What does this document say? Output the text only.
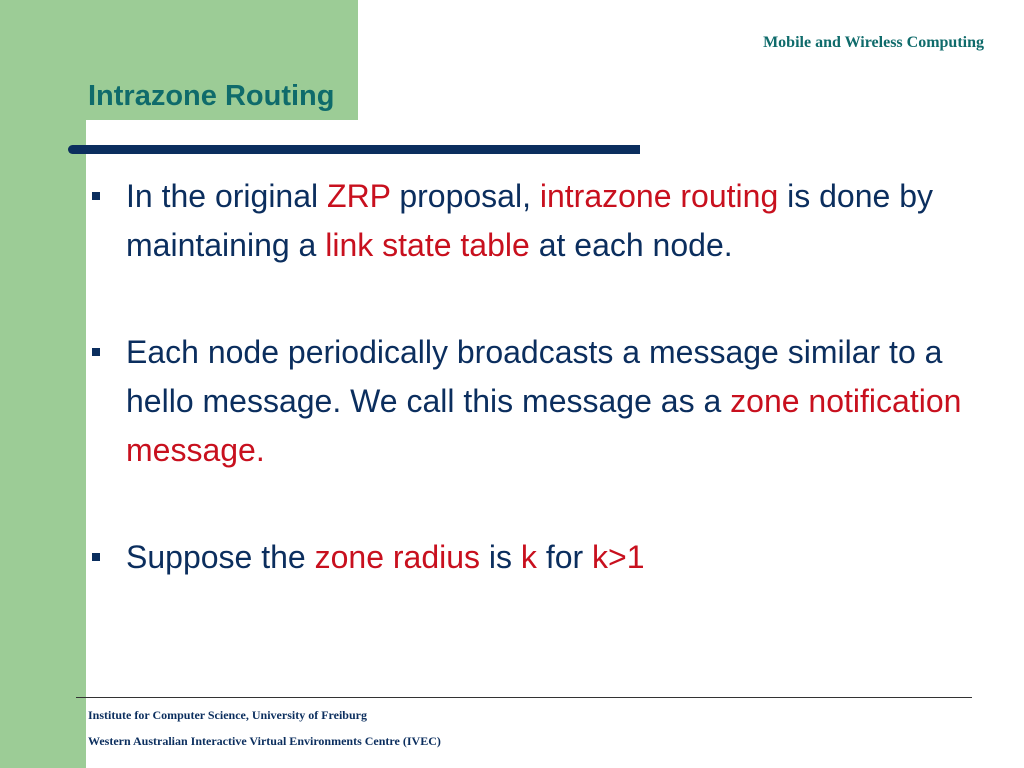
Mobile and Wireless Computing
Intrazone Routing
In the original ZRP proposal, intrazone routing is done by maintaining a link state table at each node.
Each node periodically broadcasts a message similar to a hello message. We call this message as a zone notification message.
Suppose the zone radius is k for k>1
Institute for Computer Science, University of Freiburg
Western Australian Interactive Virtual Environments Centre (IVEC)
